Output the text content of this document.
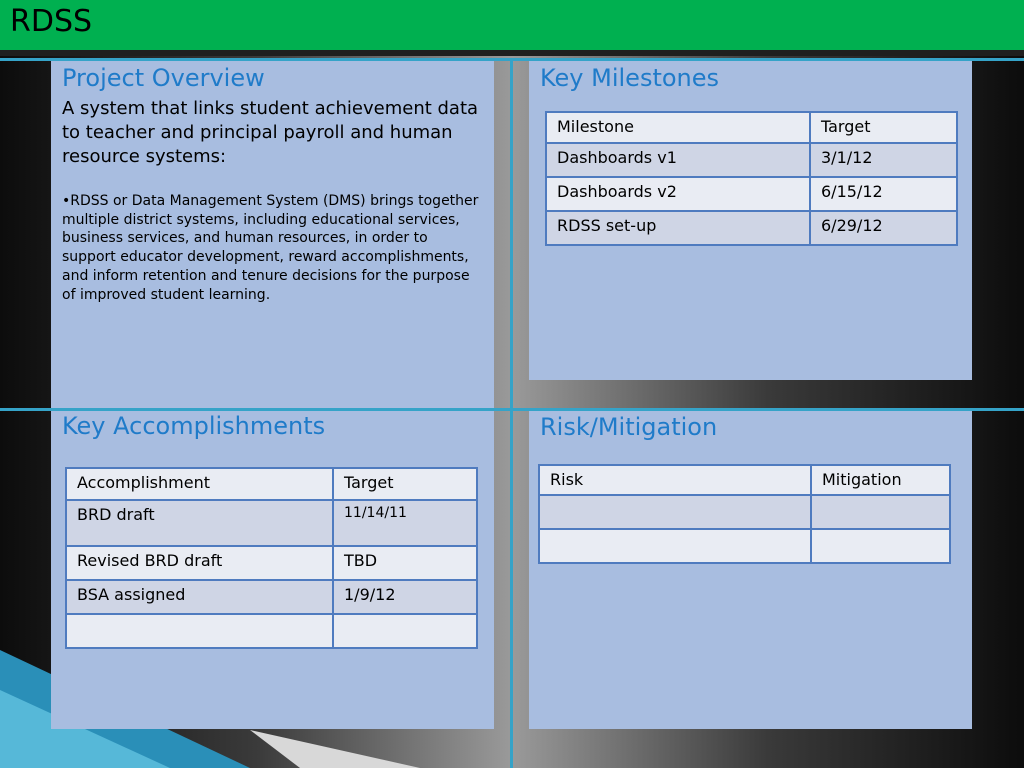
RDSS
Project Overview
A system that links student achievement data to teacher and principal payroll and human resource systems:
•RDSS or Data Management System (DMS) brings together multiple district systems, including educational services, business services, and human resources, in order to support educator development, reward accomplishments, and inform retention and tenure decisions for the purpose of improved student learning.
Key Milestones
Milestone	Target
Dashboards v1	3/1/12
Dashboards v2	6/15/12
RDSS set-up	6/29/12
Key Accomplishments
Accomplishment	Target
BRD draft	11/14/11
Revised BRD draft	TBD
BSA assigned	1/9/12

Risk/Mitigation
Risk	Mitigation
